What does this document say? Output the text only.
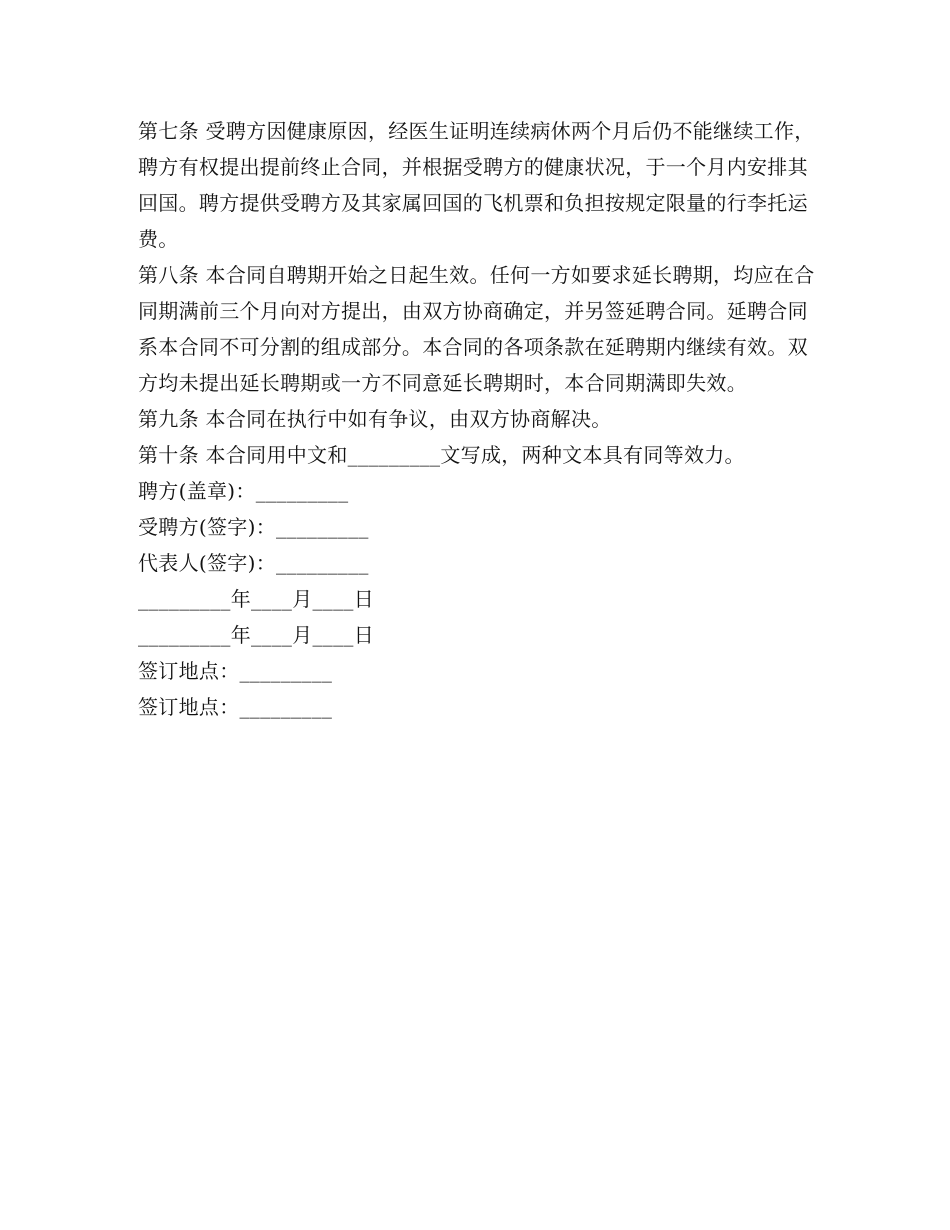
第七条 受聘方因健康原因，经医生证明连续病休两个月后仍不能继续工作，聘方有权提出提前终止合同，并根据受聘方的健康状况，于一个月内安排其回国。聘方提供受聘方及其家属回国的飞机票和负担按规定限量的行李托运费。

第八条 本合同自聘期开始之日起生效。任何一方如要求延长聘期，均应在合同期满前三个月向对方提出，由双方协商确定，并另签延聘合同。延聘合同系本合同不可分割的组成部分。本合同的各项条款在延聘期内继续有效。双方均未提出延长聘期或一方不同意延长聘期时，本合同期满即失效。

第九条 本合同在执行中如有争议，由双方协商解决。

第十条 本合同用中文和_________文写成，两种文本具有同等效力。

聘方(盖章)：_________
受聘方(签字)：_________
代表人(签字)：_________
_________年____月____日
_________年____月____日
签订地点：_________
签订地点：_________
